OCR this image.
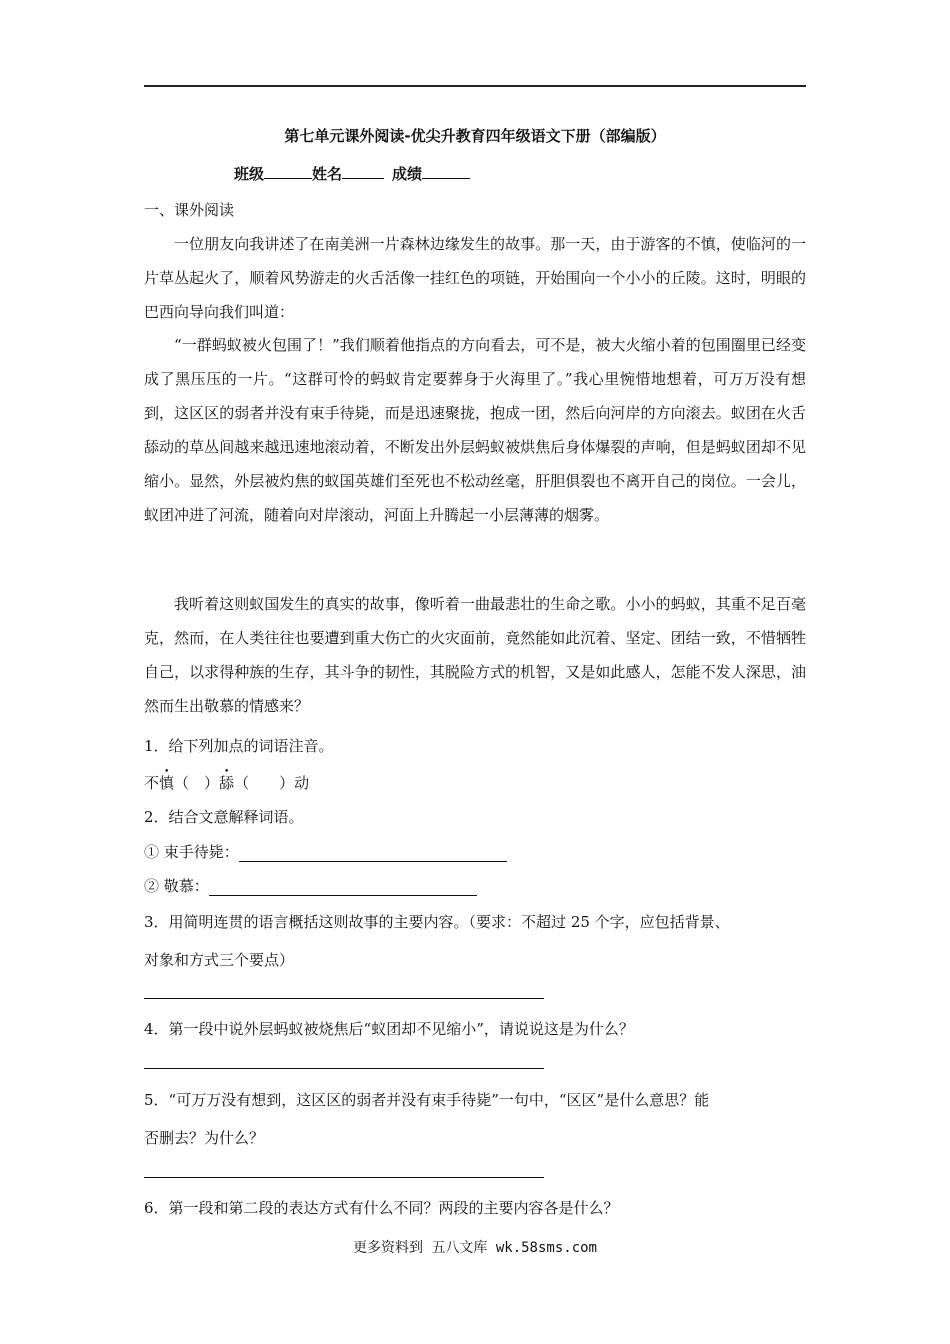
第七单元课外阅读-优尖升教育四年级语文下册（部编版）
班级	姓名	成绩
一、课外阅读
一位朋友向我讲述了在南美洲一片森林边缘发生的故事。那一天，由于游客的不慎，使临河的一片草丛起火了，顺着风势游走的火舌活像一挂红色的项链，开始围向一个小小的丘陵。这时，明眼的巴西向导向我们叫道：
“一群蚂蚁被火包围了！”我们顺着他指点的方向看去，可不是，被大火缩小着的包围圈里已经变成了黑压压的一片。“这群可怜的蚂蚁肯定要葬身于火海里了。”我心里惋惜地想着，可万万没有想到，这区区的弱者并没有束手待毙，而是迅速聚拢，抱成一团，然后向河岸的方向滚去。蚁团在火舌舔动的草丛间越来越迅速地滚动着，不断发出外层蚂蚁被烘焦后身体爆裂的声响，但是蚂蚁团却不见缩小。显然，外层被灼焦的蚁国英雄们至死也不松动丝毫，肝胆俱裂也不离开自己的岗位。一会儿，蚁团冲进了河流，随着向对岸滚动，河面上升腾起一小层薄薄的烟雾。
我听着这则蚁国发生的真实的故事，像听着一曲最悲壮的生命之歌。小小的蚂蚁，其重不足百毫克，然而，在人类往往也要遭到重大伤亡的火灾面前，竟然能如此沉着、坚定、团结一致，不惜牺牲自己，以求得种族的生存，其斗争的韧性，其脱险方式的机智，又是如此感人，怎能不发人深思，油然而生出敬慕的情感来？
1．给下列加点的词语注音。
不慎（　）舔（　　）动
2．结合文意解释词语。
① 束手待毙：
② 敬慕：
3．用简明连贯的语言概括这则故事的主要内容。（要求：不超过 25 个字，应包括背景、
对象和方式三个要点）
4．第一段中说外层蚂蚁被烧焦后“蚁团却不见缩小”，请说说这是为什么？
5．“可万万没有想到，这区区的弱者并没有束手待毙”一句中，“区区”是什么意思？能
否删去？为什么？
6．第一段和第二段的表达方式有什么不同？两段的主要内容各是什么？
更多资料到 五八文库 wk.58sms.com
